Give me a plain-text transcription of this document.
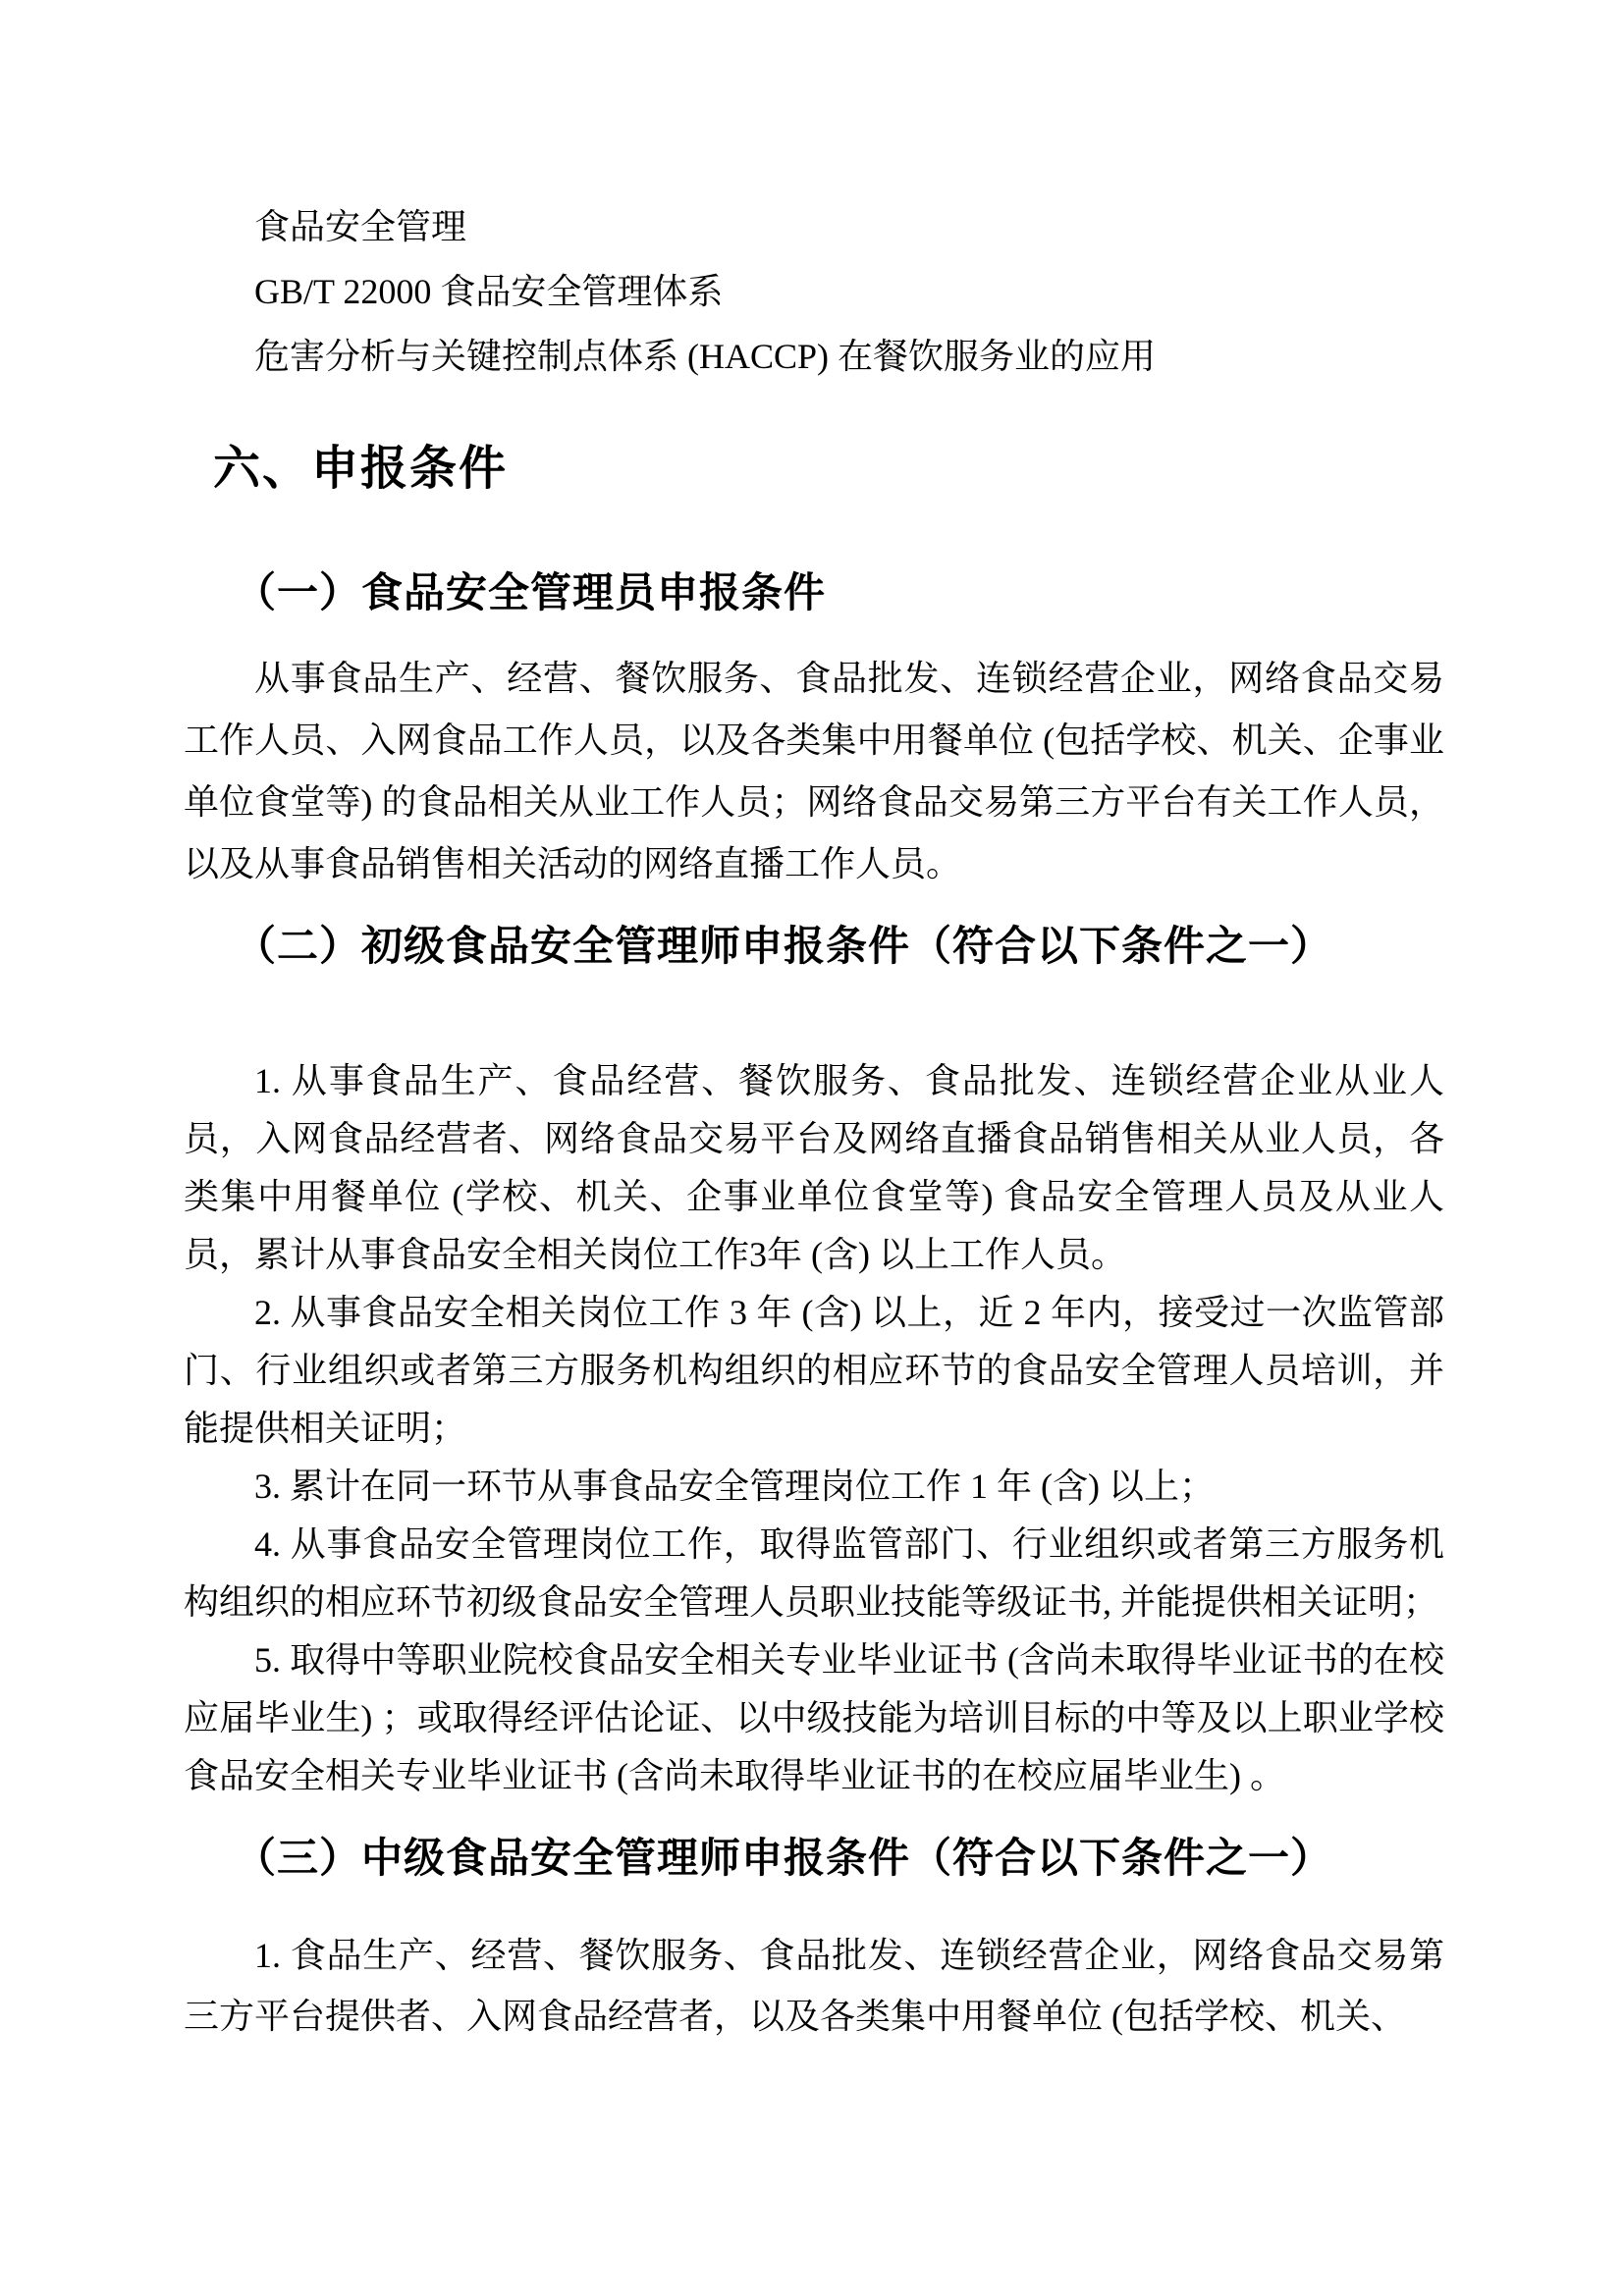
食品安全管理
GB/T 22000 食品安全管理体系
危害分析与关键控制点体系 (HACCP) 在餐饮服务业的应用
六、申报条件
（一）食品安全管理员申报条件

从事食品生产、经营、餐饮服务、食品批发、连锁经营企业，网络食品交易工作人员、入网食品工作人员，以及各类集中用餐单位 (包括学校、机关、企事业单位食堂等) 的食品相关从业工作人员；网络食品交易第三方平台有关工作人员，以及从事食品销售相关活动的网络直播工作人员。

（二）初级食品安全管理师申报条件（符合以下条件之一）

1. 从事食品生产、食品经营、餐饮服务、食品批发、连锁经营企业从业人员，入网食品经营者、网络食品交易平台及网络直播食品销售相关从业人员，各类集中用餐单位 (学校、机关、企事业单位食堂等) 食品安全管理人员及从业人员，累计从事食品安全相关岗位工作3年 (含) 以上工作人员。

2. 从事食品安全相关岗位工作 3 年 (含) 以上，近 2 年内，接受过一次监管部门、行业组织或者第三方服务机构组织的相应环节的食品安全管理人员培训，并能提供相关证明；

3. 累计在同一环节从事食品安全管理岗位工作 1 年 (含) 以上；

4. 从事食品安全管理岗位工作，取得监管部门、行业组织或者第三方服务机构组织的相应环节初级食品安全管理人员职业技能等级证书, 并能提供相关证明；

5. 取得中等职业院校食品安全相关专业毕业证书 (含尚未取得毕业证书的在校应届毕业生) ；或取得经评估论证、以中级技能为培训目标的中等及以上职业学校食品安全相关专业毕业证书 (含尚未取得毕业证书的在校应届毕业生) 。

（三）中级食品安全管理师申报条件（符合以下条件之一）

1. 食品生产、经营、餐饮服务、食品批发、连锁经营企业，网络食品交易第三方平台提供者、入网食品经营者，以及各类集中用餐单位 (包括学校、机关、
